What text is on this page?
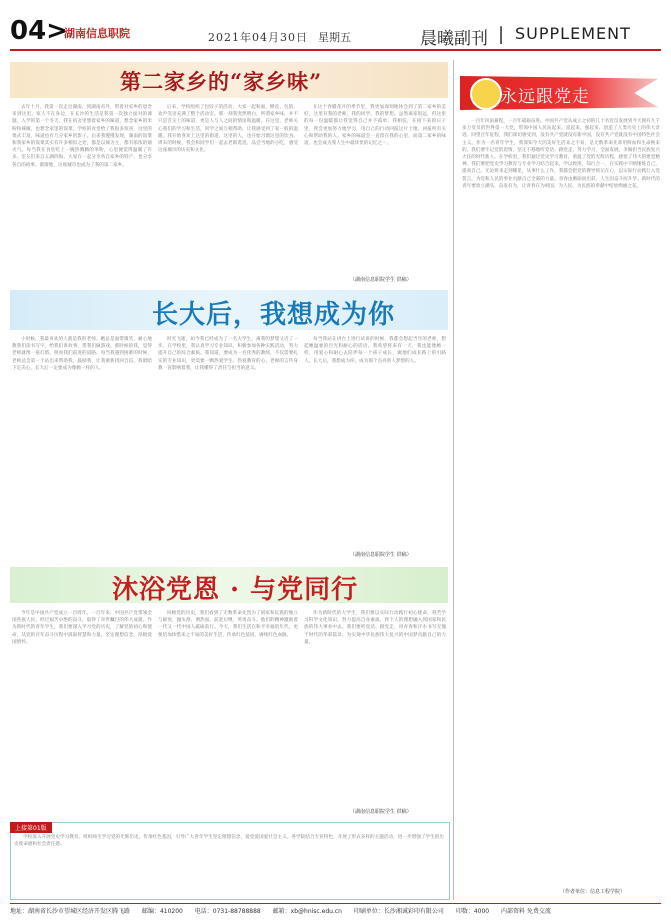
04>
湖南信息职院	2021年04月30日 星期五	晨曦副刊 | SUPPLEMENT
第二家乡的“家乡味”

去年十月，我第一次走出湖南，到湖南省外，带着对家乡的思念来到这里。家人不在身边，在长沙的生活是我第一次独立面对的课题。入学的第一个冬天，我在宿舍里想着家乡的味道，想念家乡的米粉和辣椒，也想念家里的饭菜。学校的食堂给了我很多惊喜，这里的菜式丰富，味道也有几分家乡的影子。后来我慢慢发现，湖南的饭菜和我家乡的饭菜其实有许多相似之处，都是以辣为主，都有浓浓的烟火气。每当我在食堂吃上一碗热腾腾的米粉，心里便觉得温暖了许多。室友们来自五湖四海，大家在一起分享各自家乡的特产，也分享各自的故事。渐渐地，这座城市也成为了我的第二家乡。

后来，学校组织了包饺子的活动，大家一起和面、擀皮、包馅，欢声笑语充满了整个活动室。那一刻我突然明白，所谓家乡味，并不只是舌尖上的味道，更是人与人之间的情谊和温暖。在这里，老师关心我们的学习和生活，同学之间互相帮助，让我感受到了家一般的温暖。我开始喜欢上这里的街道、这里的人，也开始习惯这里的饮食。周末的时候，我会和同学们一起去老街逛逛，品尝当地的小吃，感受这座城市的历史和文化。

在这个春暖花开的季节里，我更加深刻地体会到了第二家乡的美好。这里有我的老师、我的同学、我的梦想。虽然离家很远，但这里的每一份温暖都让我觉得自己并不孤单。我相信，在接下来的日子里，我会更加努力地学习，用自己的行动回报这片土地，回报所有关心和帮助我的人。家乡的味道会一直留在我的心里，而第二家乡的味道，也会成为我人生中最珍贵的记忆之一。

（湖南信息职院学生 供稿）
长大后，我想成为你

小时候，我最喜欢的人就是我的老师。她总是面带微笑，耐心地教我们读书写字，给我们讲故事，带我们做游戏。那时候的我，觉得老师就像一座灯塔，照亮我们前进的道路。每当我遇到困难的时候，老师总会第一个站出来帮助我，鼓励我，让我重新找回自信。我暗暗下定决心，长大后一定要成为像她一样的人。

时光飞逝，如今我已经成为了一名大学生，离我的梦想又近了一步。在学校里，我认真学习专业知识，积极参加各种实践活动，努力提升自己的综合素质。我知道，要成为一名优秀的教师，不仅需要扎实的专业知识，更需要一颗热爱学生、热爱教育的心。老师的言传身教一直影响着我，让我懂得了责任与担当的意义。

每当我站在讲台上进行试讲的时候，我都会想起当年的老师，想起她温柔的目光和耐心的话语。我希望将来有一天，我也能像她一样，用爱心和耐心去陪伴每一个孩子成长，做他们成长路上的引路人。长大后，我想成为你，成为那个点亮别人梦想的人。

（湖南信息职院学生 供稿）
沐浴党恩 · 与党同行

今年是中国共产党成立一百周年。一百年来，中国共产党带领全国各族人民，经过艰苦卓绝的奋斗，取得了举世瞩目的伟大成就。作为新时代的青年学生，我们要深入学习党的历史，了解党的初心和使命，从党的百年奋斗历程中汲取智慧和力量，坚定理想信念，厚植爱国情怀。

回顾党的历史，我们看到了无数革命先烈为了国家和民族的独立与解放，抛头颅、洒热血，前赴后继，英勇奋斗。他们的精神激励着一代又一代中国人砥砺前行。今天，我们生活在和平幸福的年代，更要倍加珍惜来之不易的美好生活，传承红色基因，赓续红色血脉。

作为新时代的大学生，我们要以实际行动践行初心使命，刻苦学习科学文化知识，努力提高自身素质，将个人的理想融入到国家和民族的伟大事业中去。我们要听党话、跟党走，用青春和汗水书写无愧于时代的华彩篇章，为实现中华民族伟大复兴的中国梦贡献自己的力量。

（湖南信息职院学生 供稿）
永远跟党走

一百年风雨兼程，一百年砥砺奋进。中国共产党从成立之初的几十名党员发展到今天拥有九千多万党员的世界第一大党，带领中国人民站起来、富起来、强起来，创造了人类历史上的伟大奇迹。回望百年征程，我们深切感受到，没有共产党就没有新中国，没有共产党就没有中国特色社会主义。作为一名青年学生，我深知今天的美好生活来之不易，是无数革命先辈用鲜血和生命换来的。我们要牢记党的恩情，坚定不移地听党话、跟党走，努力学习，全面发展，争做担当民族复兴大任的时代新人。在学校里，我们通过党史学习教育，重温了党的光辉历程，感悟了伟大的建党精神。我们要把党史学习教育与专业学习结合起来，学以致用，知行合一，在实践中不断锤炼自己，提高自己。无论将来走到哪里，从事什么工作，我都会把党的教导铭记在心，以实际行动践行入党誓言，为党和人民的事业贡献自己全部的力量。青春由磨砺而出彩，人生因奋斗而升华。新时代的青年要勇立潮头，奋发有为，让青春在为祖国、为人民、为民族的奉献中绽放绚丽之花。

（作者单位：信息工程学院）
上接第01版

学校深入开展党史学习教育，组织师生学习党的光辉历史，传承红色基因，引导广大青年学生坚定理想信念，爱党爱国爱社会主义。各学院结合专业特色，开展了形式多样的主题活动，进一步增强了学生的历史使命感和社会责任感。

地址：湖南省长沙市望城区经济开发区腾飞路 邮编：410200 电话：0731-88788888 邮箱：xb@hnisc.edu.cn 印刷单位：长沙湘诚彩印有限公司 印数：4000 内部资料 免费交流
